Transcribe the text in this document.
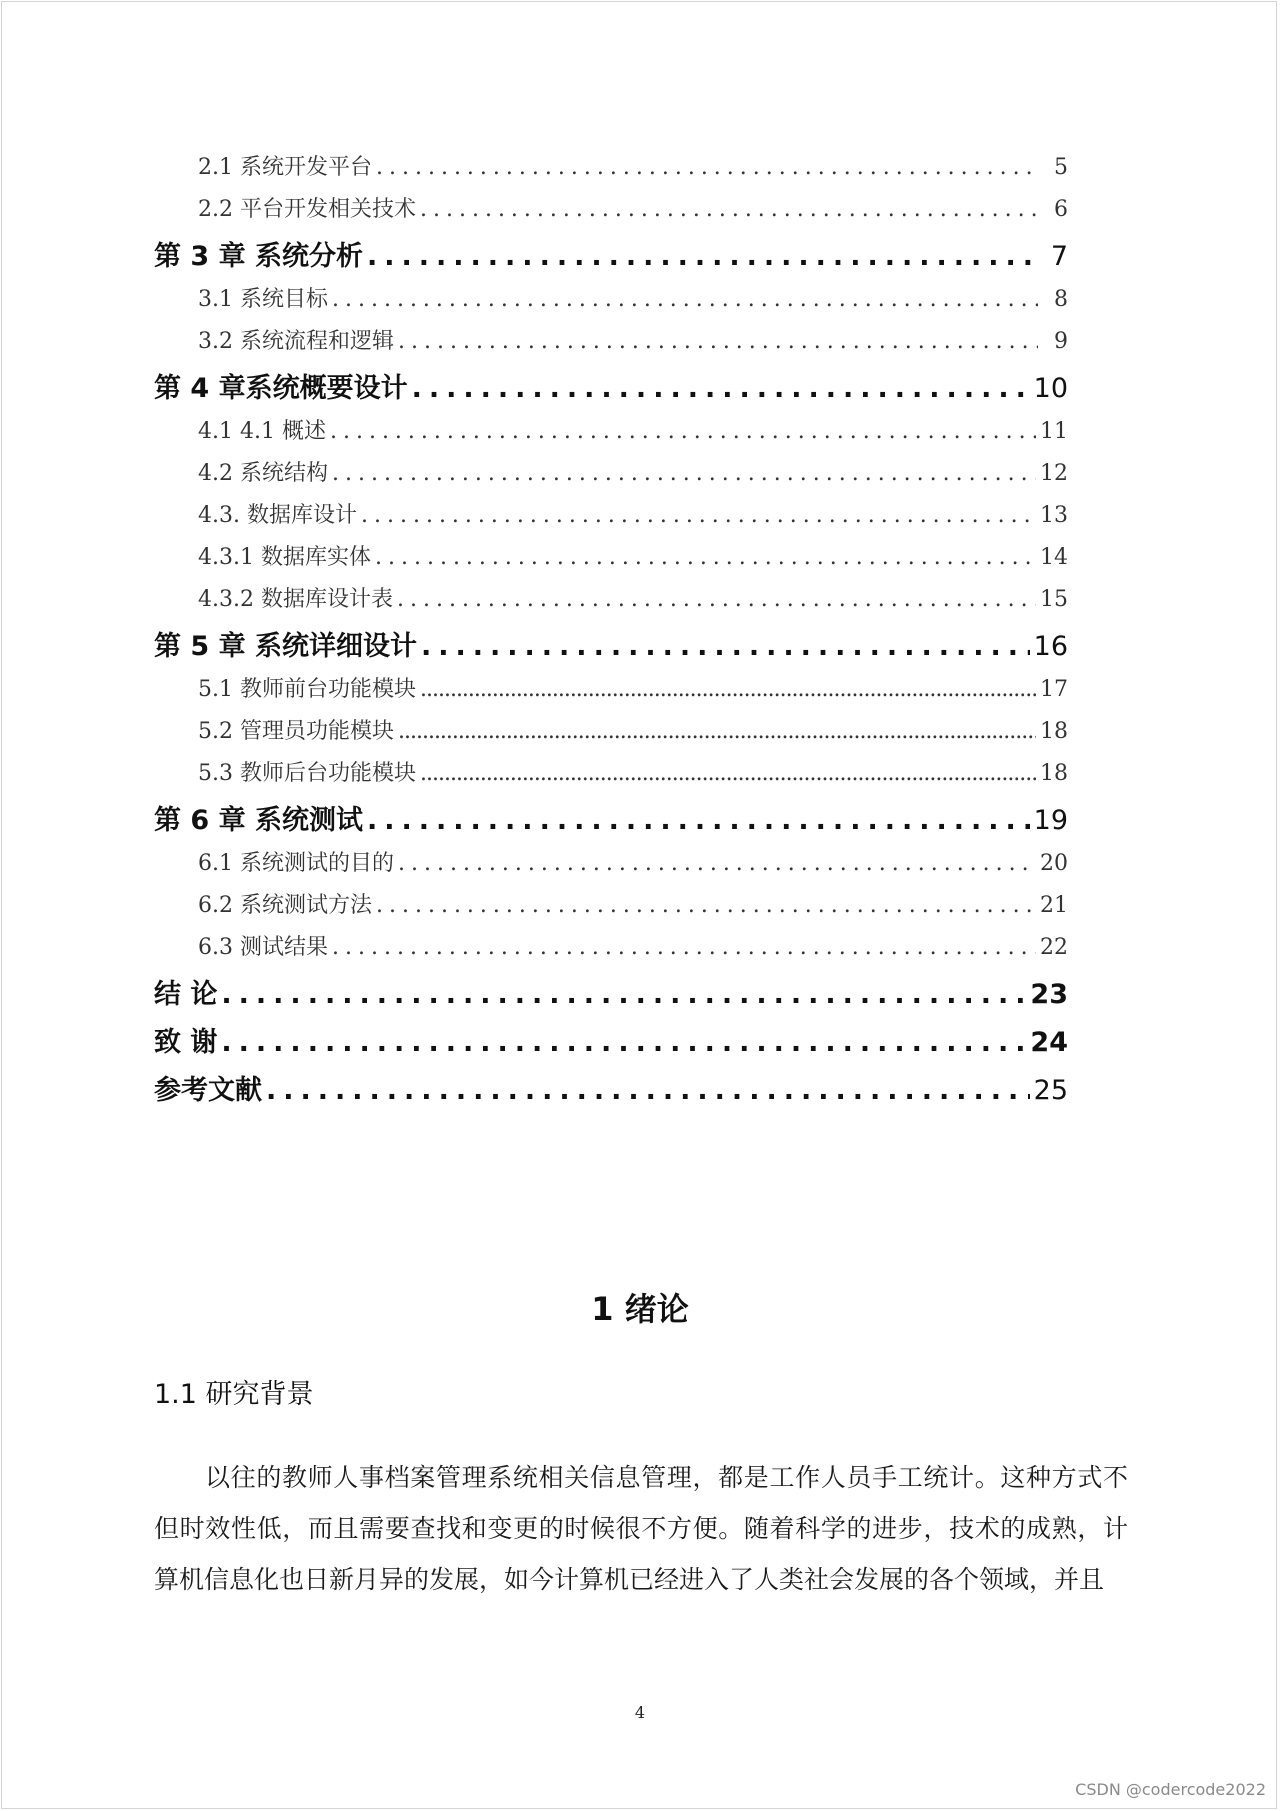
2.1 系统开发平台 .....	5
2.2 平台开发相关技术 .....	6
第 3 章 系统分析 .....	7
3.1 系统目标 .....	8
3.2 系统流程和逻辑 .....	9
第 4 章系统概要设计 .....	10
4.1 4.1 概述 .....	11
4.2 系统结构 .....	12
4.3. 数据库设计 .....	13
4.3.1 数据库实体 .....	14
4.3.2 数据库设计表 .....	15
第 5 章 系统详细设计 .....	16
5.1 教师前台功能模块 .....	17
5.2 管理员功能模块 .....	18
5.3 教师后台功能模块 .....	18
第 6 章 系统测试 .....	19
6.1 系统测试的目的 .....	20
6.2 系统测试方法 .....	21
6.3 测试结果 .....	22
结 论 .....	23
致 谢 .....	24
参考文献 .....	25
1 绪论
1.1 研究背景

以往的教师人事档案管理系统相关信息管理，都是工作人员手工统计。这种方式不但时效性低，而且需要查找和变更的时候很不方便。随着科学的进步，技术的成熟，计算机信息化也日新月异的发展，如今计算机已经进入了人类社会发展的各个领域，并且

4
CSDN @codercode2022
